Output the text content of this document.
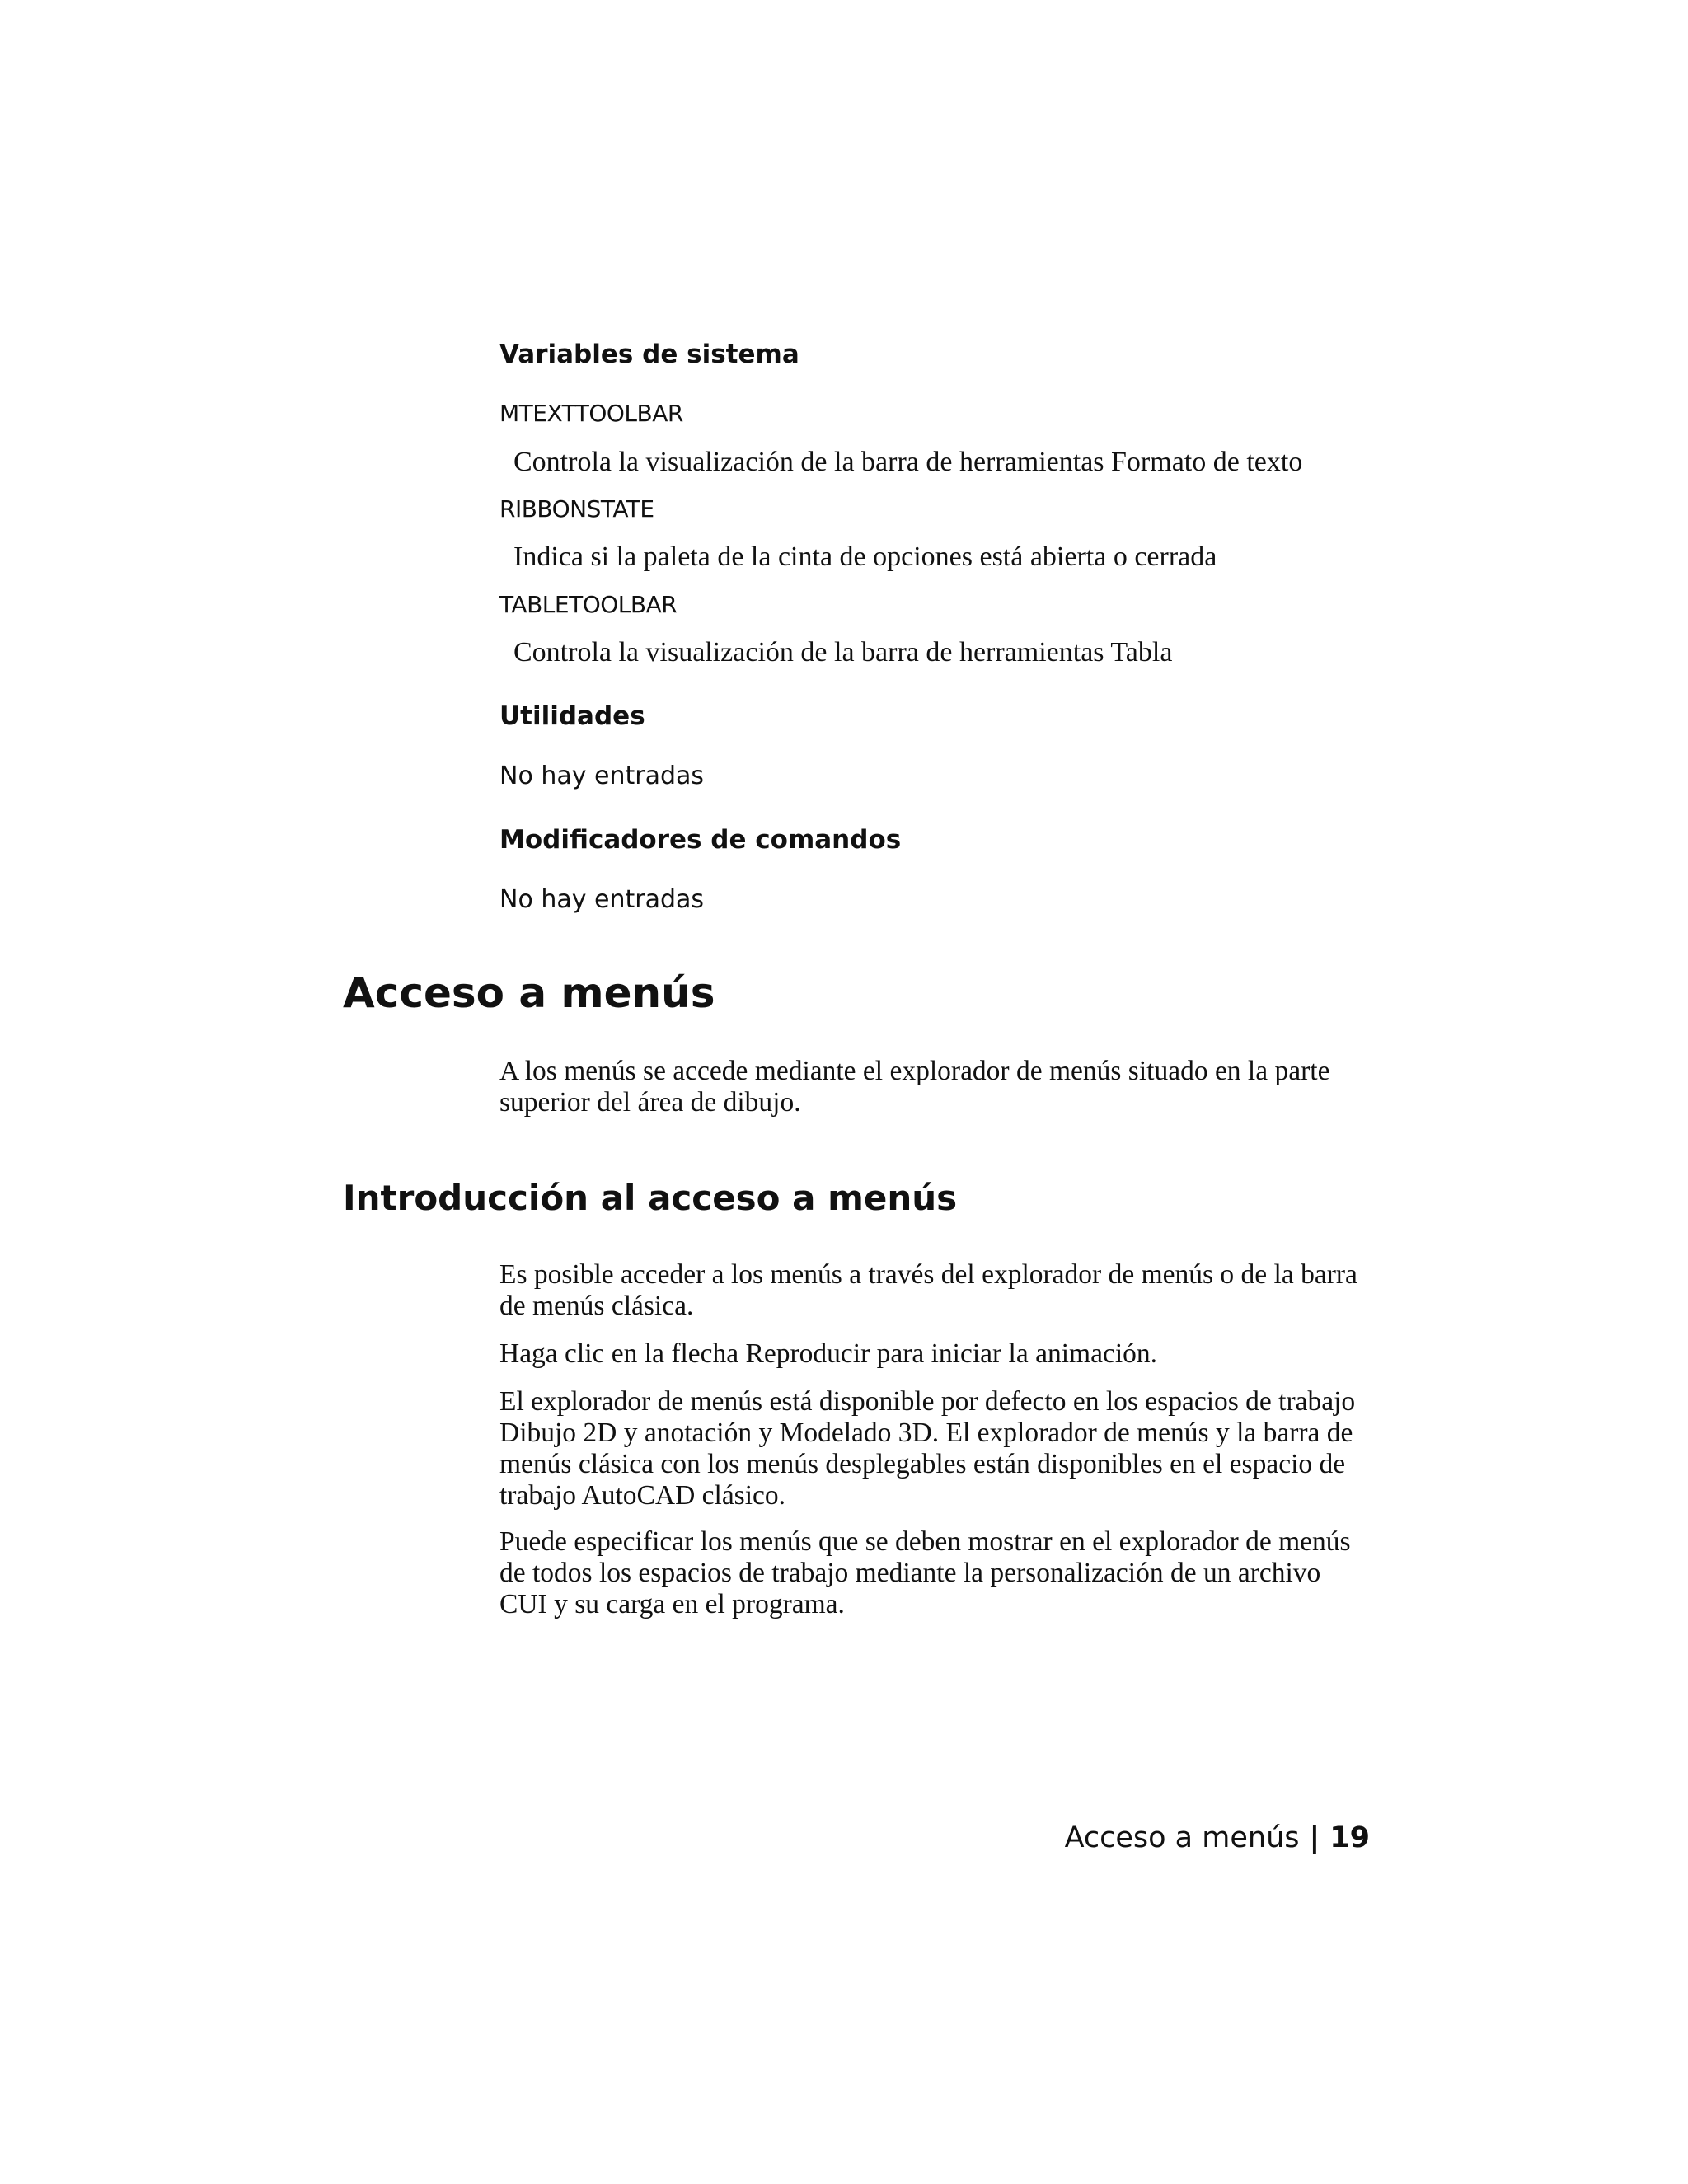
Variables de sistema
MTEXTTOOLBAR
Controla la visualización de la barra de herramientas Formato de texto
RIBBONSTATE
Indica si la paleta de la cinta de opciones está abierta o cerrada
TABLETOOLBAR
Controla la visualización de la barra de herramientas Tabla
Utilidades
No hay entradas
Modificadores de comandos
No hay entradas
Acceso a menús
A los menús se accede mediante el explorador de menús situado en la parte
superior del área de dibujo.
Introducción al acceso a menús
Es posible acceder a los menús a través del explorador de menús o de la barra
de menús clásica.
Haga clic en la flecha Reproducir para iniciar la animación.
El explorador de menús está disponible por defecto en los espacios de trabajo
Dibujo 2D y anotación y Modelado 3D. El explorador de menús y la barra de
menús clásica con los menús desplegables están disponibles en el espacio de
trabajo AutoCAD clásico.
Puede especificar los menús que se deben mostrar en el explorador de menús
de todos los espacios de trabajo mediante la personalización de un archivo
CUI y su carga en el programa.
Acceso a menús | 19
